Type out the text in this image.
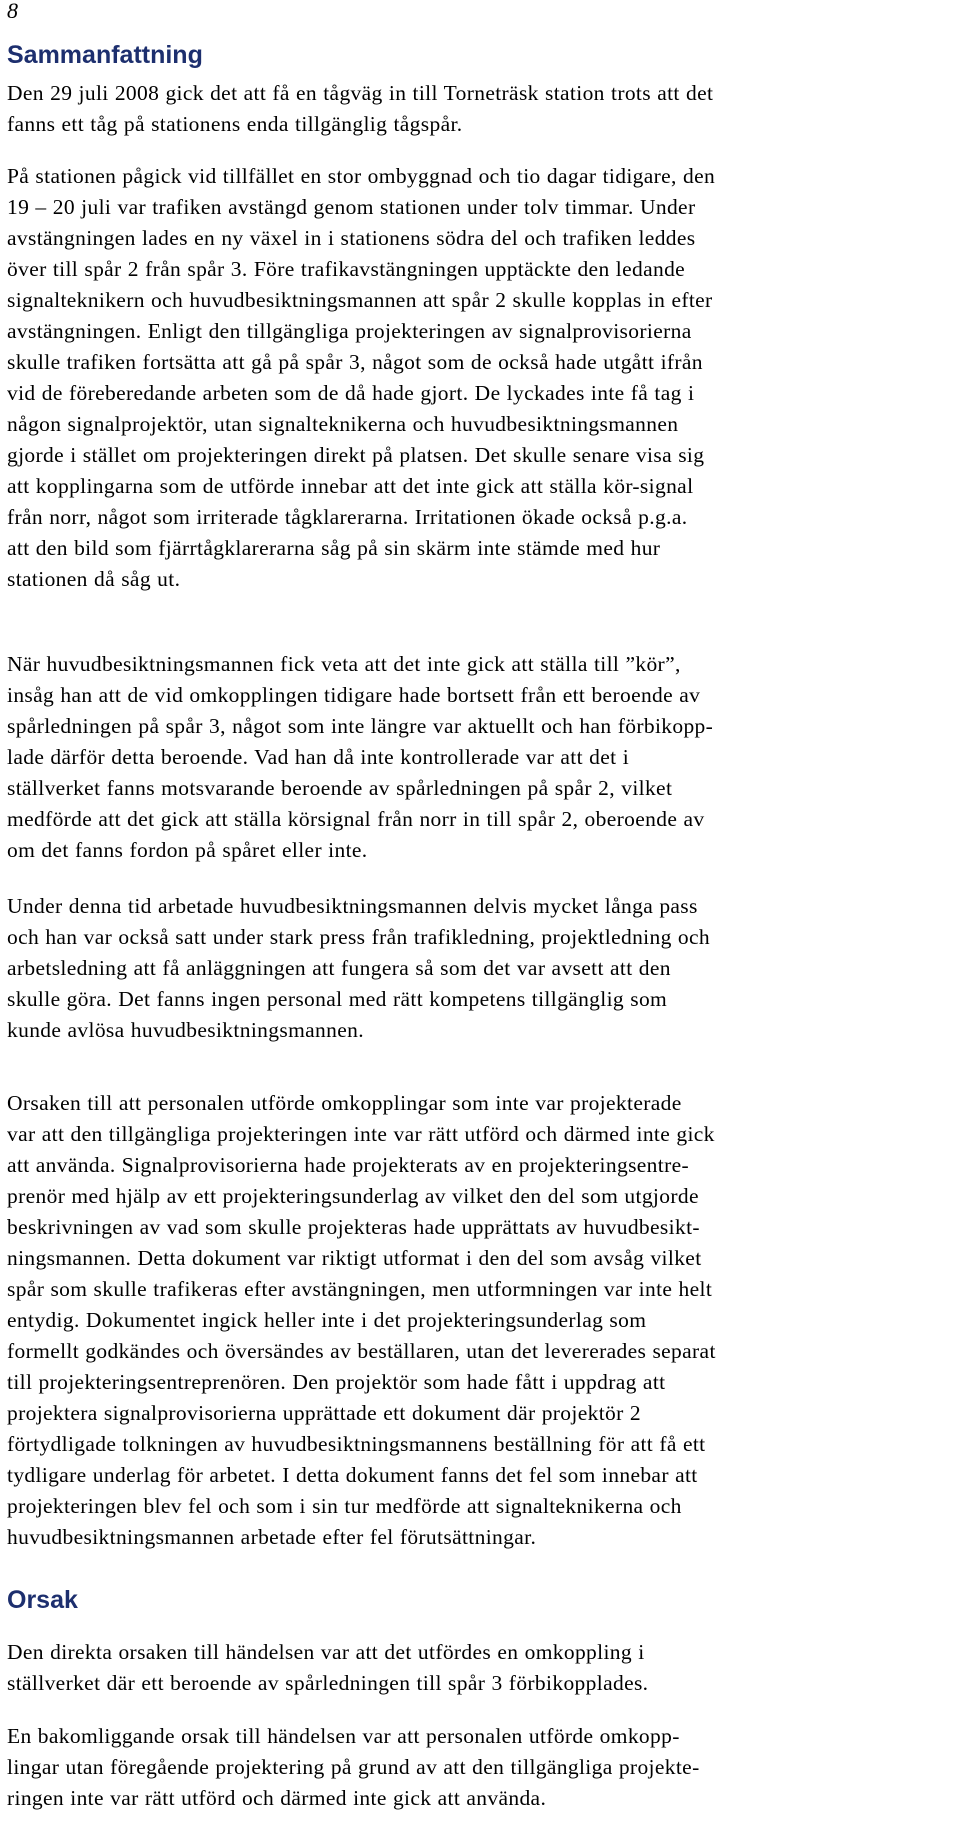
8
Sammanfattning

Den 29 juli 2008 gick det att få en tågväg in till Torneträsk station trots att det
fanns ett tåg på stationens enda tillgänglig tågspår.

På stationen pågick vid tillfället en stor ombyggnad och tio dagar tidigare, den
19 – 20 juli var trafiken avstängd genom stationen under tolv timmar. Under
avstängningen lades en ny växel in i stationens södra del och trafiken leddes
över till spår 2 från spår 3. Före trafikavstängningen upptäckte den ledande
signalteknikern och huvudbesiktningsmannen att spår 2 skulle kopplas in efter
avstängningen. Enligt den tillgängliga projekteringen av signalprovisorierna
skulle trafiken fortsätta att gå på spår 3, något som de också hade utgått ifrån
vid de föreberedande arbeten som de då hade gjort. De lyckades inte få tag i
någon signalprojektör, utan signalteknikerna och huvudbesiktningsmannen
gjorde i stället om projekteringen direkt på platsen. Det skulle senare visa sig
att kopplingarna som de utförde innebar att det inte gick att ställa kör-signal
från norr, något som irriterade tågklarerarna. Irritationen ökade också p.g.a.
att den bild som fjärrtågklarerarna såg på sin skärm inte stämde med hur
stationen då såg ut.

När huvudbesiktningsmannen fick veta att det inte gick att ställa till ”kör”,
insåg han att de vid omkopplingen tidigare hade bortsett från ett beroende av
spårledningen på spår 3, något som inte längre var aktuellt och han förbikopp-
lade därför detta beroende. Vad han då inte kontrollerade var att det i
ställverket fanns motsvarande beroende av spårledningen på spår 2, vilket
medförde att det gick att ställa körsignal från norr in till spår 2, oberoende av
om det fanns fordon på spåret eller inte.

Under denna tid arbetade huvudbesiktningsmannen delvis mycket långa pass
och han var också satt under stark press från trafikledning, projektledning och
arbetsledning att få anläggningen att fungera så som det var avsett att den
skulle göra. Det fanns ingen personal med rätt kompetens tillgänglig som
kunde avlösa huvudbesiktningsmannen.

Orsaken till att personalen utförde omkopplingar som inte var projekterade
var att den tillgängliga projekteringen inte var rätt utförd och därmed inte gick
att använda. Signalprovisorierna hade projekterats av en projekteringsentre-
prenör med hjälp av ett projekteringsunderlag av vilket den del som utgjorde
beskrivningen av vad som skulle projekteras hade upprättats av huvudbesikt-
ningsmannen. Detta dokument var riktigt utformat i den del som avsåg vilket
spår som skulle trafikeras efter avstängningen, men utformningen var inte helt
entydig. Dokumentet ingick heller inte i det projekteringsunderlag som
formellt godkändes och översändes av beställaren, utan det levererades separat
till projekteringsentreprenören. Den projektör som hade fått i uppdrag att
projektera signalprovisorierna upprättade ett dokument där projektör 2
förtydligade tolkningen av huvudbesiktningsmannens beställning för att få ett
tydligare underlag för arbetet. I detta dokument fanns det fel som innebar att
projekteringen blev fel och som i sin tur medförde att signalteknikerna och
huvudbesiktningsmannen arbetade efter fel förutsättningar.

Orsak

Den direkta orsaken till händelsen var att det utfördes en omkoppling i
ställverket där ett beroende av spårledningen till spår 3 förbikopplades.

En bakomliggande orsak till händelsen var att personalen utförde omkopp-
lingar utan föregående projektering på grund av att den tillgängliga projekte-
ringen inte var rätt utförd och därmed inte gick att använda.
